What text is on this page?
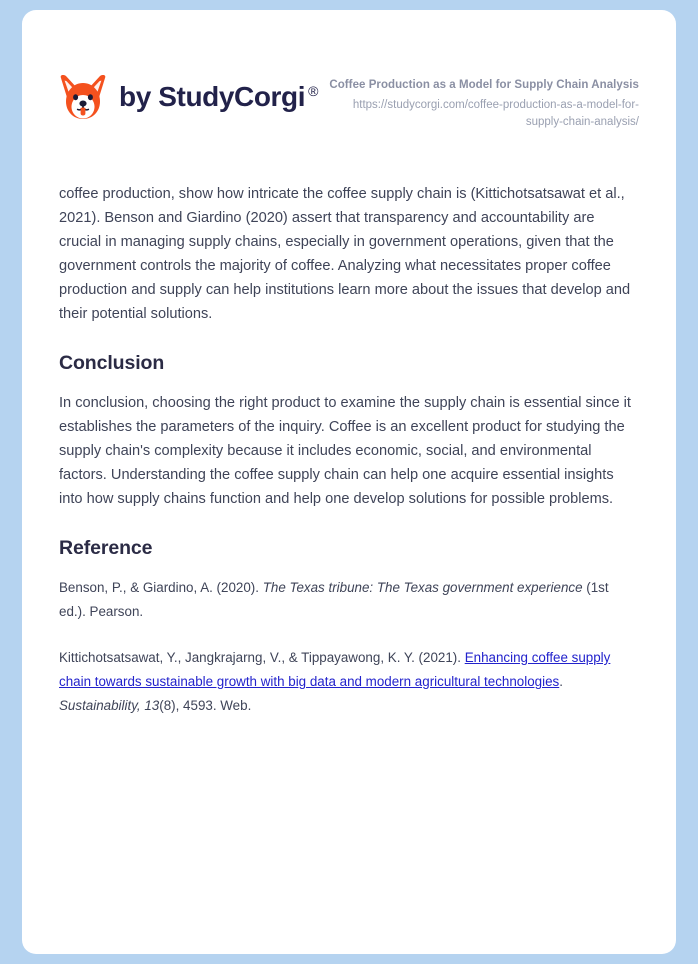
by StudyCorgi ® Coffee Production as a Model for Supply Chain Analysis
https://studycorgi.com/coffee-production-as-a-model-for-supply-chain-analysis/

coffee production, show how intricate the coffee supply chain is (Kittichotsatsawat et al., 2021). Benson and Giardino (2020) assert that transparency and accountability are crucial in managing supply chains, especially in government operations, given that the government controls the majority of coffee. Analyzing what necessitates proper coffee production and supply can help institutions learn more about the issues that develop and their potential solutions.

Conclusion

In conclusion, choosing the right product to examine the supply chain is essential since it establishes the parameters of the inquiry. Coffee is an excellent product for studying the supply chain's complexity because it includes economic, social, and environmental factors. Understanding the coffee supply chain can help one acquire essential insights into how supply chains function and help one develop solutions for possible problems.

Reference

Benson, P., & Giardino, A. (2020). The Texas tribune: The Texas government experience (1st ed.). Pearson.

Kittichotsatsawat, Y., Jangkrajarng, V., & Tippayawong, K. Y. (2021). Enhancing coffee supply chain towards sustainable growth with big data and modern agricultural technologies. Sustainability, 13(8), 4593. Web.
